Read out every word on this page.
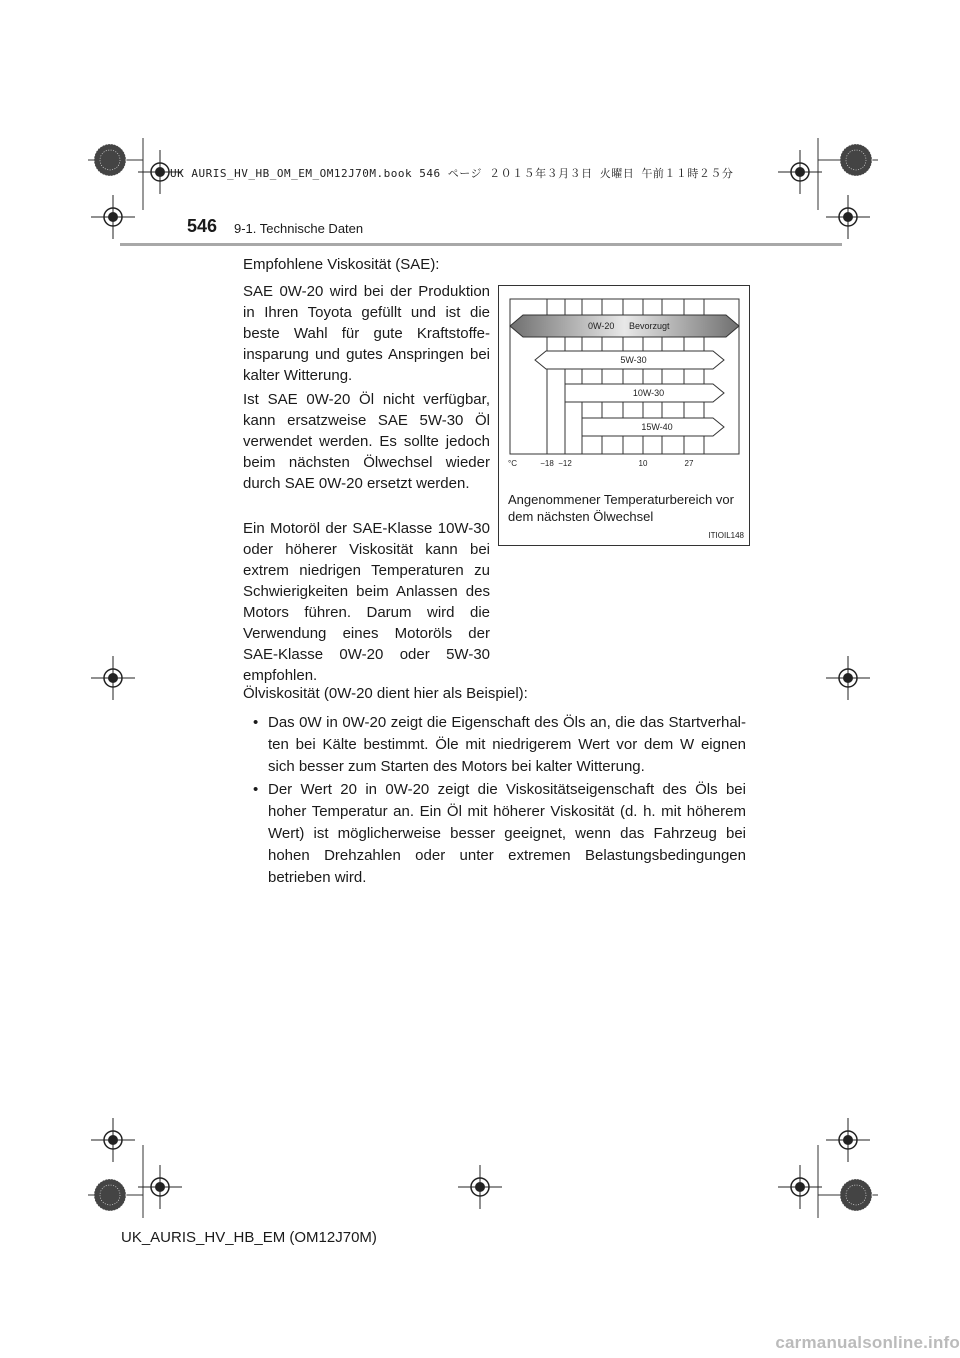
UK AURIS_HV_HB_OM_EM_OM12J70M.book 546 ページ ２０１５年３月３日 火曜日 午前１１時２５分
546 9-1. Technische Daten
Empfohlene Viskosität (SAE):
SAE 0W-20 wird bei der Produktion in Ihren Toyota gefüllt und ist die beste Wahl für gute Kraftstoffeinsparung und gutes Anspringen bei kalter Witterung.
Ist SAE 0W-20 Öl nicht verfügbar, kann ersatzweise SAE 5W-30 Öl verwendet werden. Es sollte jedoch beim nächsten Ölwechsel wieder durch SAE 0W-20 ersetzt werden.
Ein Motoröl der SAE-Klasse 10W-30 oder höherer Viskosität kann bei extrem niedrigen Temperaturen zu Schwierigkeiten beim Anlassen des Motors führen. Darum wird die Verwendung eines Motoröls der SAE-Klasse 0W-20 oder 5W-30 empfohlen.
Bevorzugt
0W-20
5W-30
10W-30
15W-40
°C	−18 −12	10	27
Angenommener Temperaturbereich vor dem nächsten Ölwechsel
ITIOIL148
Ölviskosität (0W-20 dient hier als Beispiel):
• Das 0W in 0W-20 zeigt die Eigenschaft des Öls an, die das Startverhalten bei Kälte bestimmt. Öle mit niedrigerem Wert vor dem W eignen sich besser zum Starten des Motors bei kalter Witterung.
• Der Wert 20 in 0W-20 zeigt die Viskositätseigenschaft des Öls bei hoher Temperatur an. Ein Öl mit höherer Viskosität (d. h. mit höherem Wert) ist möglicherweise besser geeignet, wenn das Fahrzeug bei hohen Drehzahlen oder unter extremen Belastungsbedingungen betrieben wird.
UK_AURIS_HV_HB_EM (OM12J70M)
carmanualsonline.info
